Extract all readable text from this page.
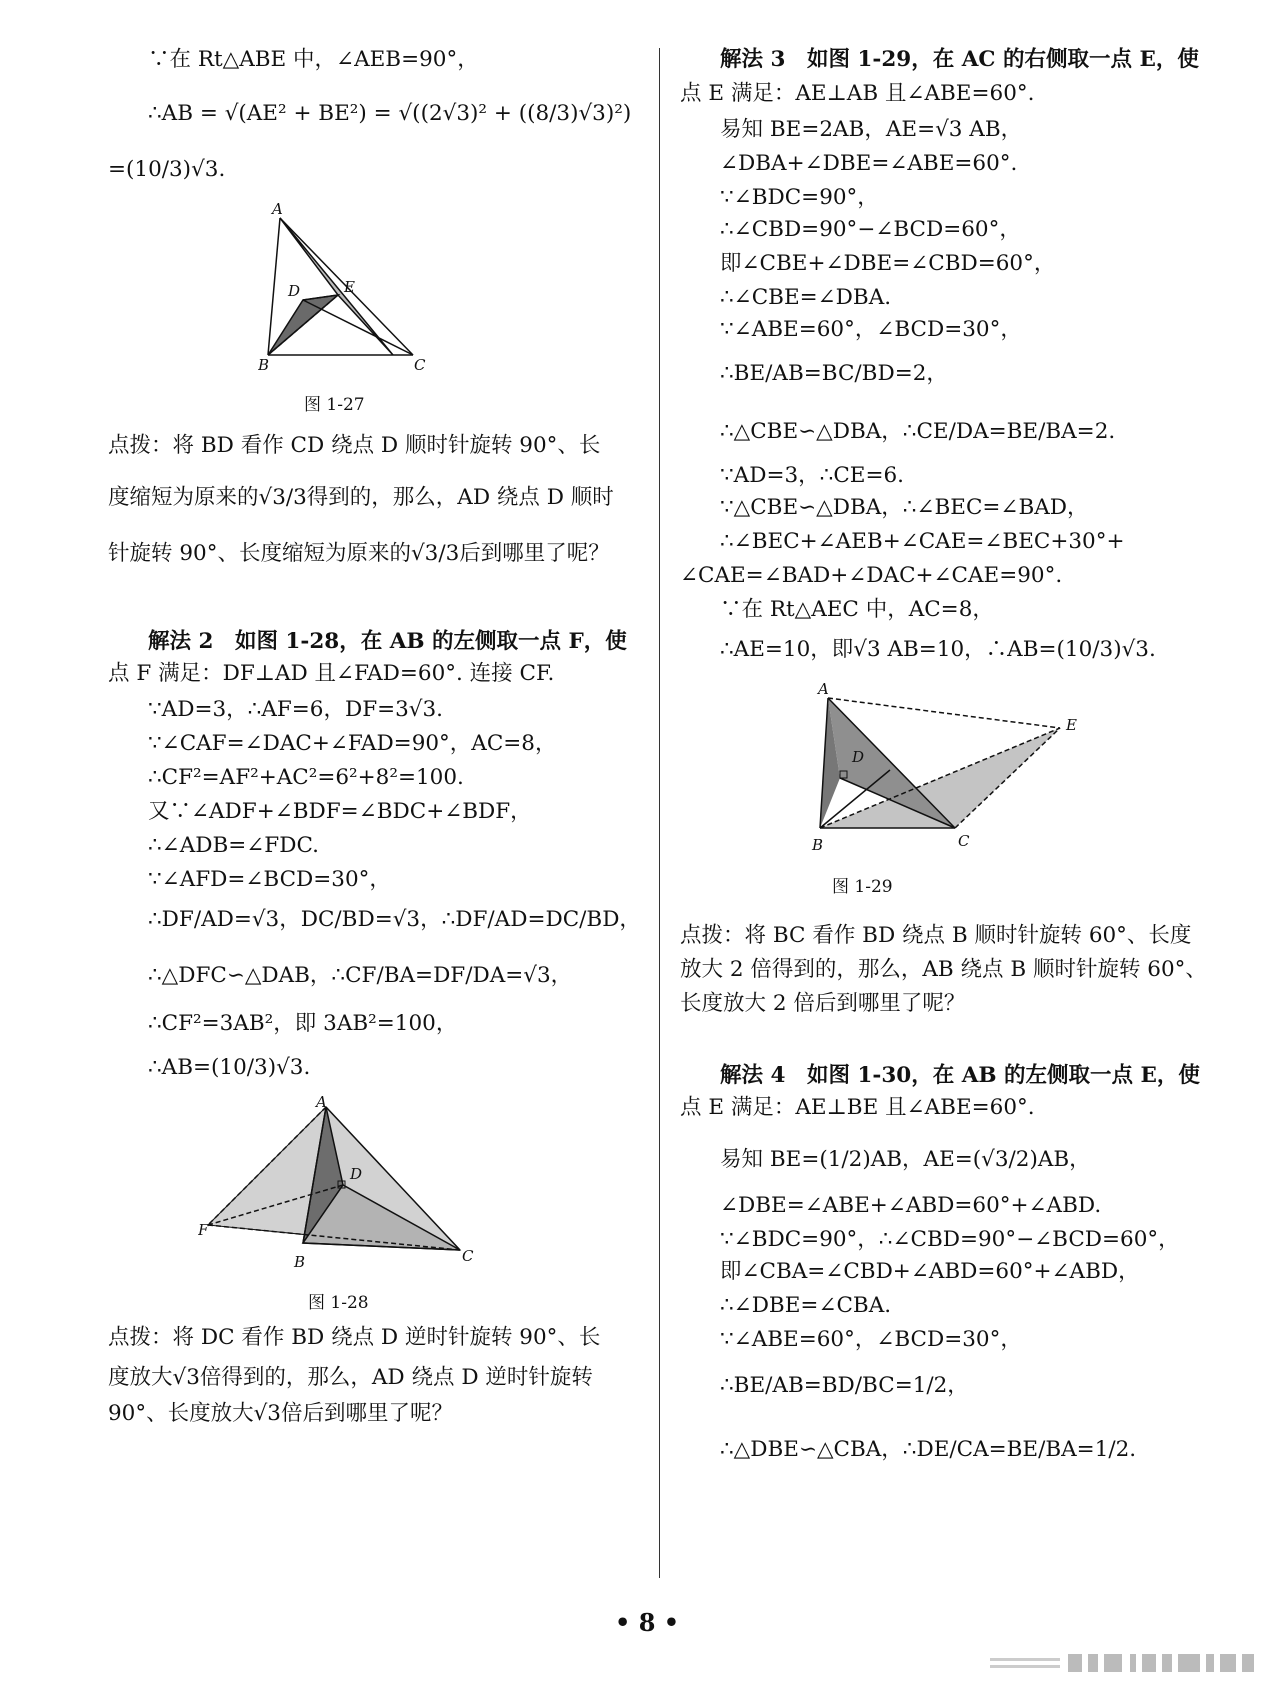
∵在 Rt△ABE 中，∠AEB=90°，
∴AB = √(AE² + BE²) = √((2√3)² + ((8/3)√3)²)
=(10/3)√3.
A
B	C
D	E
图 1-27
点拨：将 BD 看作 CD 绕点 D 顺时针旋转 90°、长
度缩短为原来的√3/3得到的，那么，AD 绕点 D 顺时
针旋转 90°、长度缩短为原来的√3/3后到哪里了呢？
解法 2　如图 1-28，在 AB 的左侧取一点 F，使
点 F 满足：DF⊥AD 且∠FAD=60°. 连接 CF.
∵AD=3，∴AF=6，DF=3√3.
∵∠CAF=∠DAC+∠FAD=90°，AC=8，
∴CF²=AF²+AC²=6²+8²=100.
又∵∠ADF+∠BDF=∠BDC+∠BDF，
∴∠ADB=∠FDC.
∵∠AFD=∠BCD=30°，
∴DF/AD=√3，DC/BD=√3，∴DF/AD=DC/BD，
∴△DFC∽△DAB，∴CF/BA=DF/DA=√3，
∴CF²=3AB²，即 3AB²=100，
∴AB=(10/3)√3.
A
B	C
D
F
图 1-28
点拨：将 DC 看作 BD 绕点 D 逆时针旋转 90°、长
度放大√3倍得到的，那么，AD 绕点 D 逆时针旋转
90°、长度放大√3倍后到哪里了呢？
解法 3　如图 1-29，在 AC 的右侧取一点 E，使
点 E 满足：AE⊥AB 且∠ABE=60°.
易知 BE=2AB，AE=√3 AB，
∠DBA+∠DBE=∠ABE=60°.
∵∠BDC=90°，
∴∠CBD=90°−∠BCD=60°，
即∠CBE+∠DBE=∠CBD=60°，
∴∠CBE=∠DBA.
∵∠ABE=60°，∠BCD=30°，
∴BE/AB=BC/BD=2，
∴△CBE∽△DBA，∴CE/DA=BE/BA=2.
∵AD=3，∴CE=6.
∵△CBE∽△DBA，∴∠BEC=∠BAD，
∴∠BEC+∠AEB+∠CAE=∠BEC+30°+
∠CAE=∠BAD+∠DAC+∠CAE=90°.
∵在 Rt△AEC 中，AC=8，
∴AE=10，即√3 AB=10，∴AB=(10/3)√3.
A
B	C
D
E
图 1-29
点拨：将 BC 看作 BD 绕点 B 顺时针旋转 60°、长度
放大 2 倍得到的，那么，AB 绕点 B 顺时针旋转 60°、
长度放大 2 倍后到哪里了呢？
解法 4　如图 1-30，在 AB 的左侧取一点 E，使
点 E 满足：AE⊥BE 且∠ABE=60°.
易知 BE=(1/2)AB，AE=(√3/2)AB，
∠DBE=∠ABE+∠ABD=60°+∠ABD.
∵∠BDC=90°，∴∠CBD=90°−∠BCD=60°，
即∠CBA=∠CBD+∠ABD=60°+∠ABD，
∴∠DBE=∠CBA.
∵∠ABE=60°，∠BCD=30°，
∴BE/AB=BD/BC=1/2，
∴△DBE∽△CBA，∴DE/CA=BE/BA=1/2.
• 8 •
